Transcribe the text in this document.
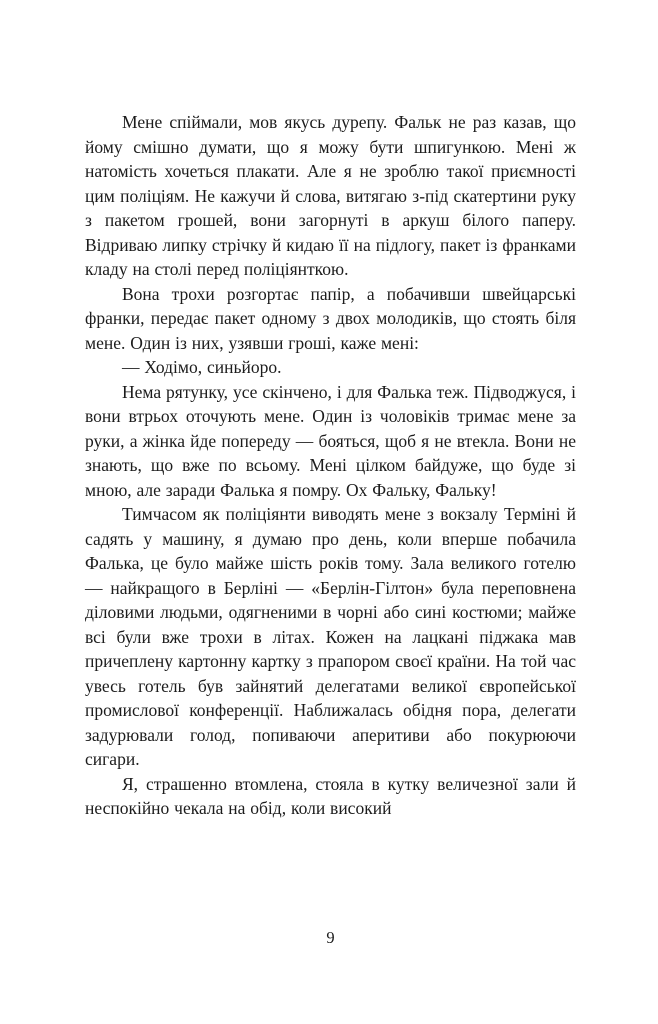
Мене спіймали, мов якусь дурепу. Фальк не раз казав, що йому смішно думати, що я можу бути шпигункою. Мені ж натомість хочеться плакати. Але я не зроблю такої приємності цим поліціям. Не кажучи й слова, витягаю з-під скатертини руку з пакетом грошей, вони загорнуті в аркуш білого паперу. Відриваю липку стрічку й кидаю її на підлогу, пакет із франками кладу на столі перед поліціянткою.

Вона трохи розгортає папір, а побачивши швейцарські франки, передає пакет одному з двох молодиків, що стоять біля мене. Один із них, узявши гроші, каже мені:

— Ходімо, синьйоро.

Нема рятунку, усе скінчено, і для Фалька теж. Підводжуся, і вони втрьох оточують мене. Один із чоловіків тримає мене за руки, а жінка йде попереду — бояться, щоб я не втекла. Вони не знають, що вже по всьому. Мені цілком байдуже, що буде зі мною, але заради Фалька я помру. Ох Фальку, Фальку!

Тимчасом як поліціянти виводять мене з вокзалу Терміні й садять у машину, я думаю про день, коли вперше побачила Фалька, це було майже шість років тому. Зала великого готелю — найкращого в Берліні — «Берлін-Гілтон» була переповнена діловими людьми, одягненими в чорні або сині костюми; майже всі були вже трохи в літах. Кожен на лацкані піджака мав причеплену картонну картку з прапором своєї країни. На той час увесь готель був зайнятий делегатами великої європейської промислової конференції. Наближалась обідня пора, делегати задурювали голод, попиваючи аперитиви або покурюючи сигари.

Я, страшенно втомлена, стояла в кутку величезної зали й неспокійно чекала на обід, коли високий

9
